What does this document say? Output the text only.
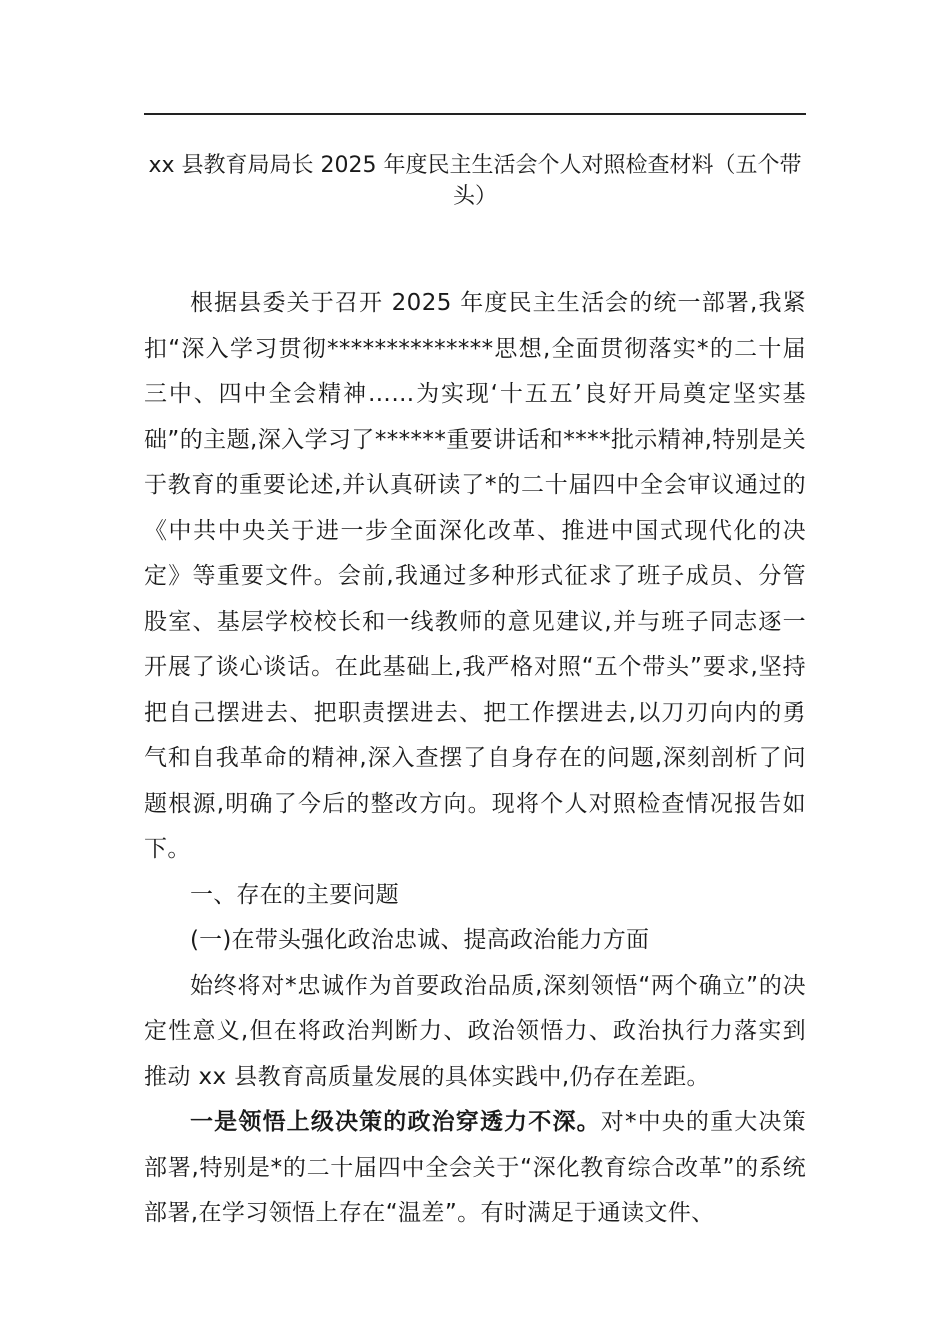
xx 县教育局局长 2025 年度民主生活会个人对照检查材料（五个带头）

根据县委关于召开 2025 年度民主生活会的统一部署,我紧扣“深入学习贯彻**************思想,全面贯彻落实*的二十届三中、四中全会精神……为实现‘十五五’良好开局奠定坚实基础”的主题,深入学习了******重要讲话和****批示精神,特别是关于教育的重要论述,并认真研读了*的二十届四中全会审议通过的《中共中央关于进一步全面深化改革、推进中国式现代化的决定》等重要文件。会前,我通过多种形式征求了班子成员、分管股室、基层学校校长和一线教师的意见建议,并与班子同志逐一开展了谈心谈话。在此基础上,我严格对照“五个带头”要求,坚持把自己摆进去、把职责摆进去、把工作摆进去,以刀刃向内的勇气和自我革命的精神,深入查摆了自身存在的问题,深刻剖析了问题根源,明确了今后的整改方向。现将个人对照检查情况报告如下。

一、存在的主要问题

(一)在带头强化政治忠诚、提高政治能力方面

始终将对*忠诚作为首要政治品质,深刻领悟“两个确立”的决定性意义,但在将政治判断力、政治领悟力、政治执行力落实到推动 xx 县教育高质量发展的具体实践中,仍存在差距。

一是领悟上级决策的政治穿透力不深。对*中央的重大决策部署,特别是*的二十届四中全会关于“深化教育综合改革”的系统部署,在学习领悟上存在“温差”。有时满足于通读文件、
